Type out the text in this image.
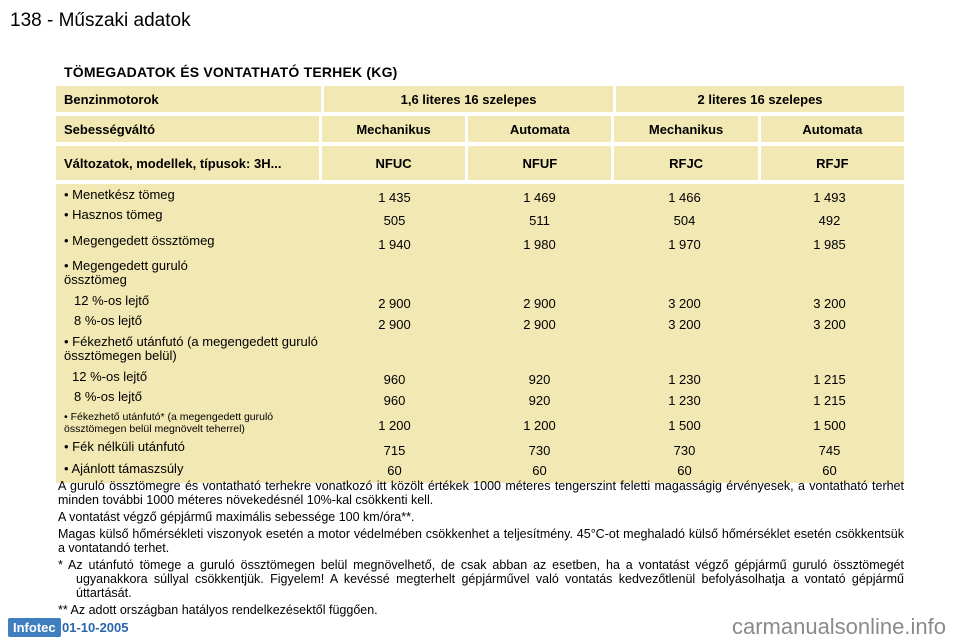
138 - Műszaki adatok
TÖMEGADATOK ÉS VONTATHATÓ TERHEK (KG)
Benzinmotorok	1,6 literes 16 szelepes	2 literes 16 szelepes
Sebességváltó	Mechanikus	Automata	Mechanikus	Automata
Változatok, modellek, típusok: 3H...	NFUC	NFUF	RFJC	RFJF
• Menetkész tömeg	1 435	1 469	1 466	1 493
• Hasznos tömeg	505	511	504	492
• Megengedett össztömeg	1 940	1 980	1 970	1 985
• Megengedett guruló össztömeg
12 %-os lejtő	2 900	2 900	3 200	3 200
8 %-os lejtő	2 900	2 900	3 200	3 200
• Fékezhető utánfutó (a megengedett guruló össztömegen belül)
12 %-os lejtő	960	920	1 230	1 215
8 %-os lejtő	960	920	1 230	1 215
• Fékezhető utánfutó* (a megengedett guruló össztömegen belül megnövelt teherrel)	1 200	1 200	1 500	1 500
• Fék nélküli utánfutó	715	730	730	745
• Ajánlott támaszsúly	60	60	60	60

A guruló össztömegre és vontatható terhekre vonatkozó itt közölt értékek 1000 méteres tengerszint feletti magasságig érvényesek, a vontatható terhet minden további 1000 méteres növekedésnél 10%-kal csökkenti kell.

A vontatást végző gépjármű maximális sebessége 100 km/óra**.

Magas külső hőmérsékleti viszonyok esetén a motor védelmében csökkenhet a teljesítmény. 45°C-ot meghaladó külső hőmérséklet esetén csökkentsük a vontatandó terhet.

* Az utánfutó tömege a guruló össztömegen belül megnövelhető, de csak abban az esetben, ha a vontatást végző gépjármű guruló össztömegét ugyanakkora súllyal csökkentjük. Figyelem! A kevéssé megterhelt gépjárművel való vontatás kedvezőtlenül befolyásolhatja a vontató gépjármű úttartását.

** Az adott országban hatályos rendelkezésektől függően.

Infotec 01-10-2005	carmanualsonline.info
